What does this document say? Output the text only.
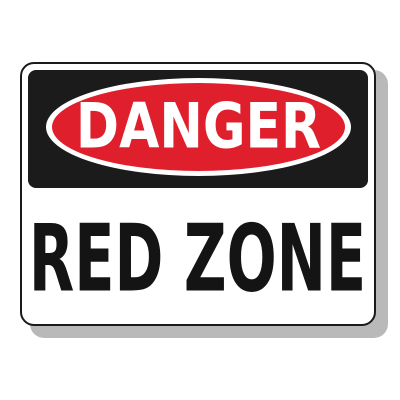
DANGER
RED ZONE
